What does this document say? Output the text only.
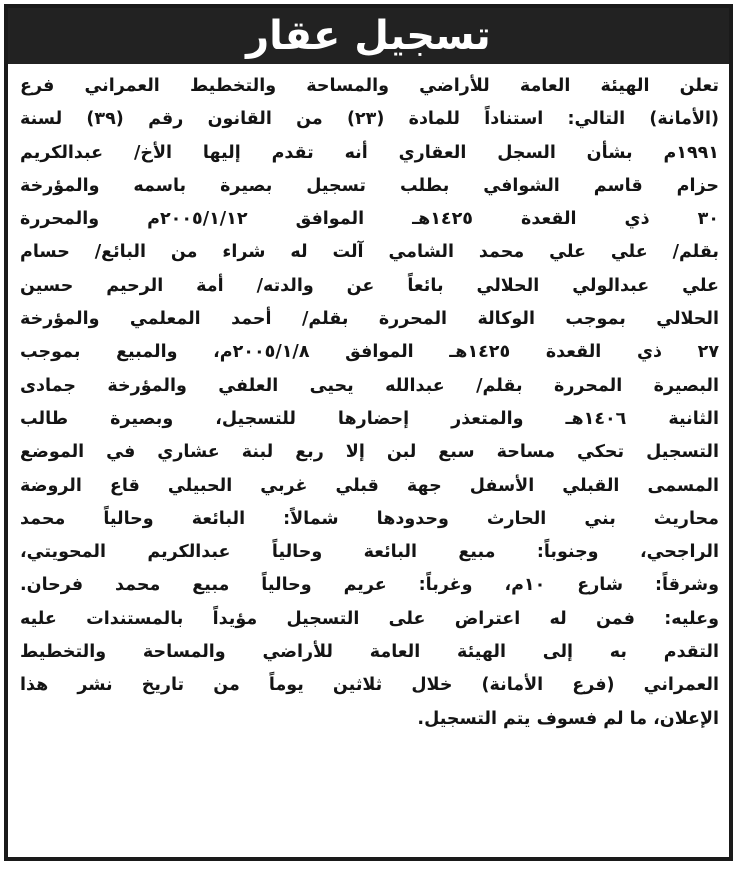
تسجيل عقار
تعلن الهيئة العامة للأراضي والمساحة والتخطيط العمراني فرع
(الأمانة) التالي: استناداً للمادة (٢٣) من القانون رقم (٣٩) لسنة
١٩٩١م بشأن السجل العقاري أنه تقدم إليها الأخ/ عبدالكريم
حزام قاسم الشوافي بطلب تسجيل بصيرة باسمه والمؤرخة
٣٠ ذي القعدة ١٤٢٥هـ الموافق ٢٠٠٥/١/١٢م والمحررة
بقلم/ علي علي محمد الشامي آلت له شراء من البائع/ حسام
علي عبدالولي الحلالي بائعاً عن والدته/ أمة الرحيم حسين
الحلالي بموجب الوكالة المحررة بقلم/ أحمد المعلمي والمؤرخة
٢٧ ذي القعدة ١٤٢٥هـ الموافق ٢٠٠٥/١/٨م، والمبيع بموجب
البصيرة المحررة بقلم/ عبدالله يحيى العلفي والمؤرخة جمادى
الثانية ١٤٠٦هـ والمتعذر إحضارها للتسجيل، وبصيرة طالب
التسجيل تحكي مساحة سبع لبن إلا ربع لبنة عشاري في الموضع
المسمى القبلي الأسفل جهة قبلي غربي الحبيلي قاع الروضة
محاريث بني الحارث وحدودها شمالاً: البائعة وحالياً محمد
الراجحي، وجنوباً: مبيع البائعة وحالياً عبدالكريم المحويتي،
وشرقاً: شارع ١٠م، وغرباً: عريم وحالياً مبيع محمد فرحان.
وعليه: فمن له اعتراض على التسجيل مؤيداً بالمستندات عليه
التقدم به إلى الهيئة العامة للأراضي والمساحة والتخطيط
العمراني (فرع الأمانة) خلال ثلاثين يوماً من تاريخ نشر هذا
الإعلان، ما لم فسوف يتم التسجيل.
